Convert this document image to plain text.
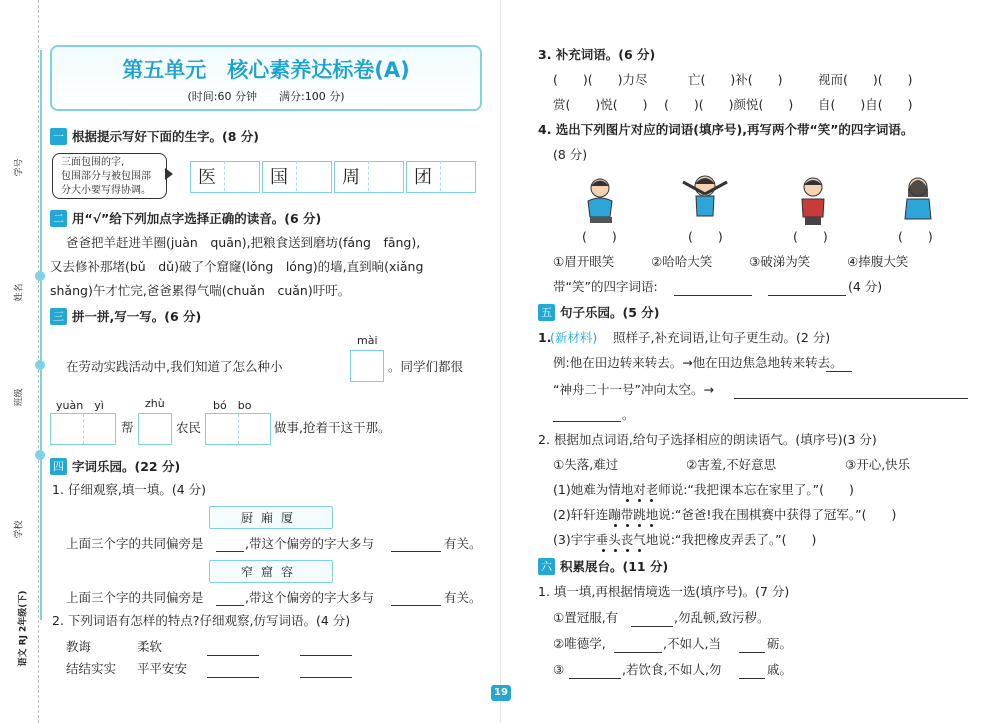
学号
姓名
班级
学校
语文 RJ 2年级(下)
第五单元　核心素养达标卷(A)
(时间:60 分钟　　满分:100 分)
一 根据提示写好下面的生字。(8 分)
三面包围的字,
包围部分与被包围部
分大小要写得协调。
医	国	周	团
二 用“√”给下列加点字选择正确的读音。(6 分)
爸爸把羊赶进羊圈(juàn　quān),把粮食送到磨坊(fáng　fāng),
又去修补那堵(bǔ　dǔ)破了个窟窿(lǒng　lóng)的墙,直到晌(xiǎng
shǎng)午才忙完,爸爸累得气喘(chuǎn　cuǎn)吁吁。
三 拼一拼,写一写。(6 分)
mài
在劳动实践活动中,我们知道了怎么种小	。同学们都很
yuàn　yì
帮
zhù
农民
bó　bo
做事,抢着干这干那。
四 字词乐园。(22 分)
1. 仔细观察,填一填。(4 分)
厨廂厦
上面三个字的共同偏旁是	,带这个偏旁的字大多与	有关。
窄窟容
上面三个字的共同偏旁是	,带这个偏旁的字大多与	有关。
2. 下列词语有怎样的特点?仔细观察,仿写词语。(4 分)
教诲	柔软
结结实实 平平安安
19
3. 补充词语。(6 分)
(　　)(　　)力尽	亡(　　)补(　　)	视而(　　)(　　)
赏(　　)悦(　　) (　　)(　　)颜悦(　　) 自(　　)自(　　)
4. 选出下列图片对应的词语(填序号),再写两个带“笑”的四字词语。
(8 分)
(　　)	(　　)	(　　)	(　　)
①眉开眼笑	②哈哈大笑	③破涕为笑	④捧腹大笑
带“笑”的四字词语:	(4 分)
五 句子乐园。(5 分)
1.
(新材料) 照样子,补充词语,让句子更生动。(2 分)
例:他在田边转来转去。→他在田边焦急地转来转去。
“神舟二十一号”冲向太空。→
。
2. 根据加点词语,给句子选择相应的朗读语气。(填序号)(3 分)
①失落,难过	②害羞,不好意思	③开心,快乐
(1)她难为情地对老师说:“我把课本忘在家里了。”(　　)
(2)轩轩连蹦带跳地说:“爸爸!我在围棋赛中获得了冠军。”(　　)
(3)宇宇垂头丧气地说:“我把橡皮弄丢了。”(　　)
六 积累展台。(11 分)
1. 填一填,再根据情境选一选(填序号)。(7 分)
①置冠服,有	,勿乱顿,致污秽。
②唯德学,	,不如人,当	砺。
③	,若饮食,不如人,勿	戚。
